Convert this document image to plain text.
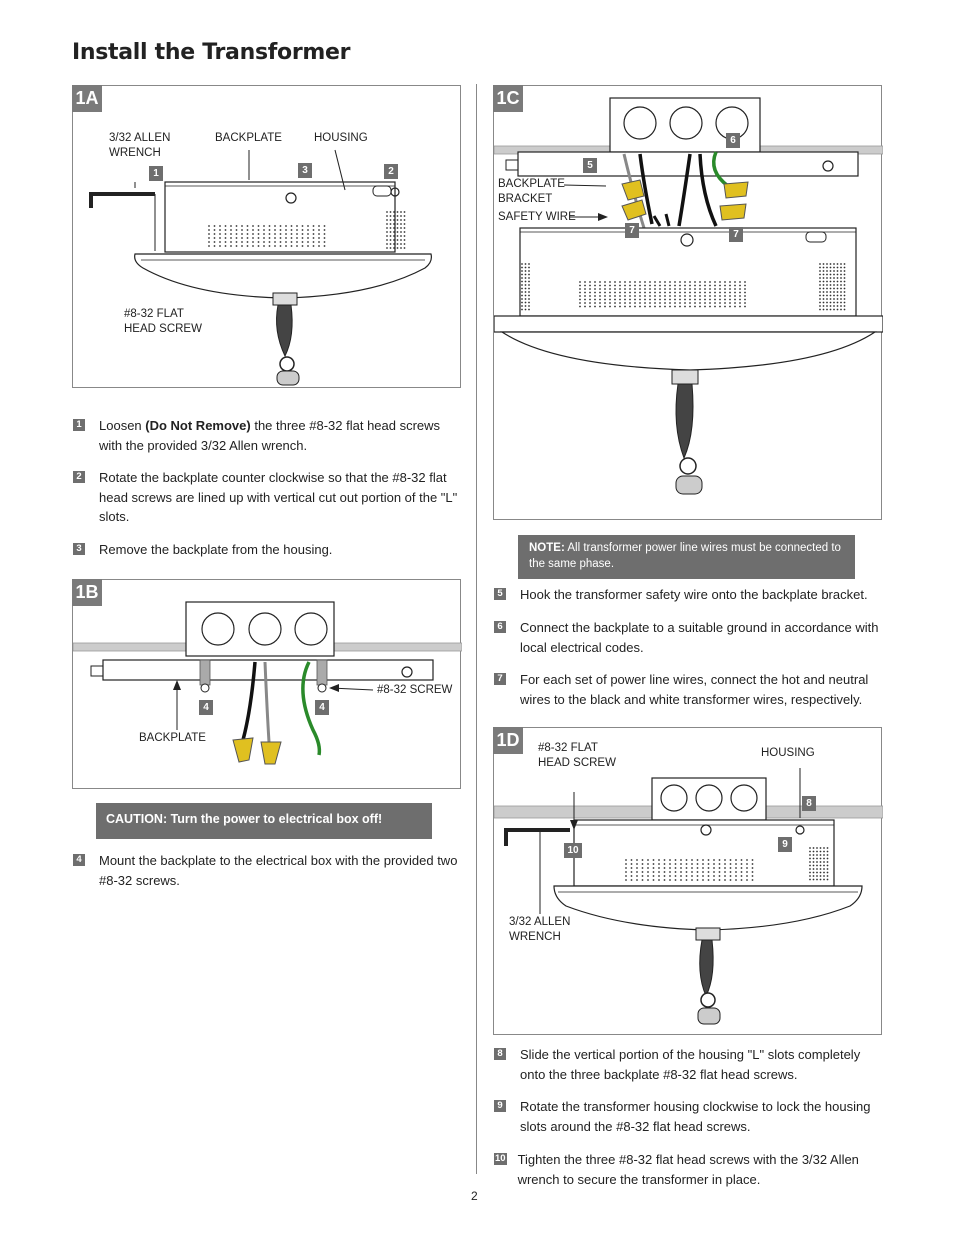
Install the Transformer
1A
3/32 ALLEN
WRENCH
BACKPLATE	HOUSING
#8-32 FLAT
HEAD SCREW
1	3	2
1 Loosen (Do Not Remove) the three #8-32 flat head screws with the provided 3/32 Allen wrench.
2 Rotate the backplate counter clockwise so that the #8-32 flat head screws are lined up with vertical cut out portion of the "L" slots.
3 Remove the backplate from the housing.
1B
#8-32 SCREW
BACKPLATE
4	4
CAUTION: Turn the power to electrical box off!
4 Mount the backplate to the electrical box with the provided two #8-32 screws.
1C
BACKPLATE
BRACKET
SAFETY WIRE
6
5
7	7
NOTE: All transformer power line wires must be connected to the same phase.
5 Hook the transformer safety wire onto the backplate bracket.
6 Connect the backplate to a suitable ground in accordance with local electrical codes.
7 For each set of power line wires, connect the hot and neutral wires to the black and white transformer wires, respectively.
1D	#8-32 FLAT
HEAD SCREW
HOUSING
3/32 ALLEN
WRENCH
8
9
10
8 Slide the vertical portion of the housing "L" slots completely onto the three backplate #8-32 flat head screws.
9 Rotate the transformer housing clockwise to lock the housing slots around the #8-32 flat head screws.
10 Tighten the three #8-32 flat head screws with the 3/32 Allen wrench to secure the transformer in place.
2
